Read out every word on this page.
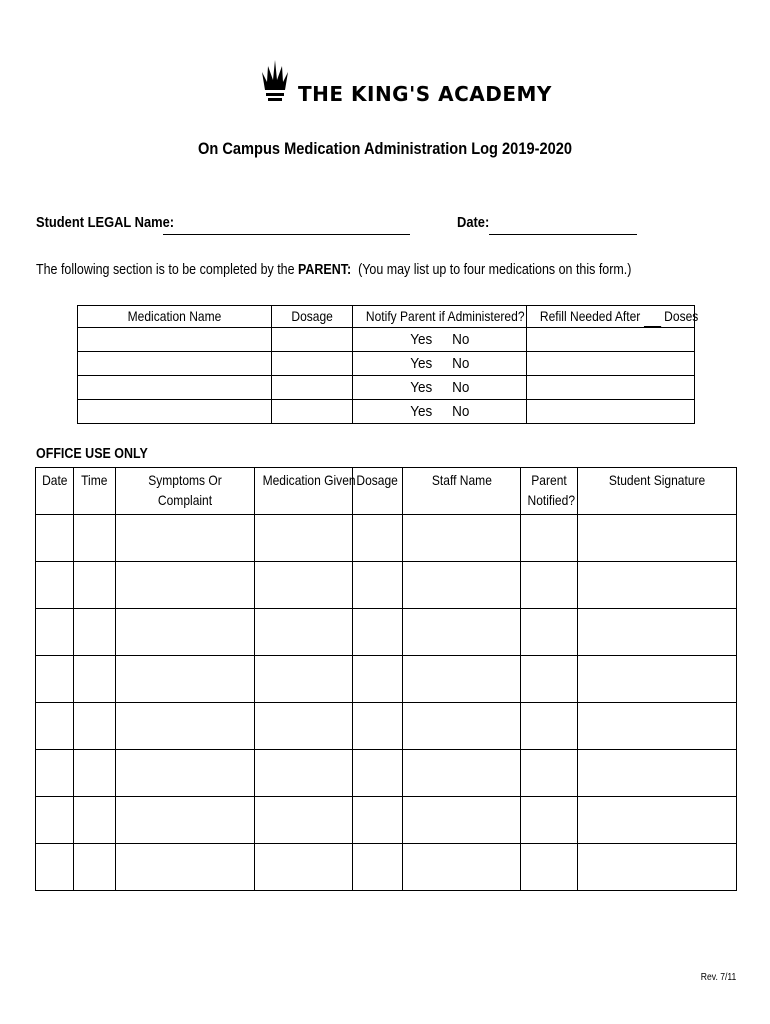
THE KING'S ACADEMY
On Campus Medication Administration Log 2019-2020
Student LEGAL Name:	Date:
The following section is to be completed by the PARENT:  (You may list up to four medications on this form.)
Medication Name	Dosage	Notify Parent if Administered?	Refill Needed After Doses
		Yes No	
		Yes No	
		Yes No	
		Yes No	
OFFICE USE ONLY
Date	Time	Symptoms Or Complaint	Medication Given	Dosage	Staff Name	Parent Notified?	Student Signature

Rev. 7/11
